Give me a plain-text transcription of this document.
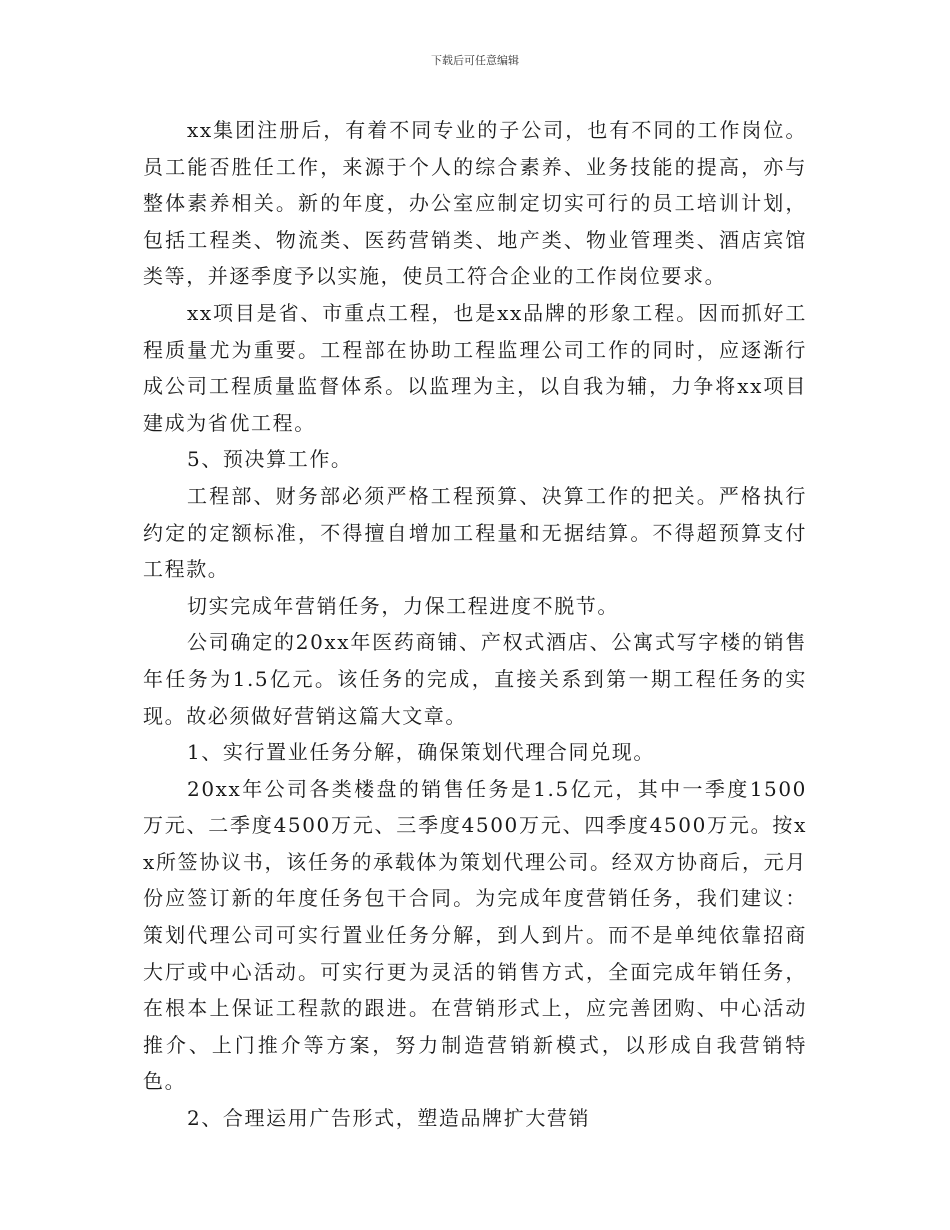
下载后可任意编辑

xx集团注册后，有着不同专业的子公司，也有不同的工作岗位。员工能否胜任工作，来源于个人的综合素养、业务技能的提高，亦与整体素养相关。新的年度，办公室应制定切实可行的员工培训计划，包括工程类、物流类、医药营销类、地产类、物业管理类、酒店宾馆类等，并逐季度予以实施，使员工符合企业的工作岗位要求。

xx项目是省、市重点工程，也是xx品牌的形象工程。因而抓好工程质量尤为重要。工程部在协助工程监理公司工作的同时，应逐渐行成公司工程质量监督体系。以监理为主，以自我为辅，力争将xx项目建成为省优工程。

5、预决算工作。

工程部、财务部必须严格工程预算、决算工作的把关。严格执行约定的定额标准，不得擅自增加工程量和无据结算。不得超预算支付工程款。

切实完成年营销任务，力保工程进度不脱节。

公司确定的20xx年医药商铺、产权式酒店、公寓式写字楼的销售年任务为1.5亿元。该任务的完成，直接关系到第一期工程任务的实现。故必须做好营销这篇大文章。

1、实行置业任务分解，确保策划代理合同兑现。

20xx年公司各类楼盘的销售任务是1.5亿元，其中一季度1500万元、二季度4500万元、三季度4500万元、四季度4500万元。按xx所签协议书，该任务的承载体为策划代理公司。经双方协商后，元月份应签订新的年度任务包干合同。为完成年度营销任务，我们建议：策划代理公司可实行置业任务分解，到人到片。而不是单纯依靠招商大厅或中心活动。可实行更为灵活的销售方式，全面完成年销任务，在根本上保证工程款的跟进。在营销形式上，应完善团购、中心活动推介、上门推介等方案，努力制造营销新模式，以形成自我营销特色。

2、合理运用广告形式，塑造品牌扩大营销
